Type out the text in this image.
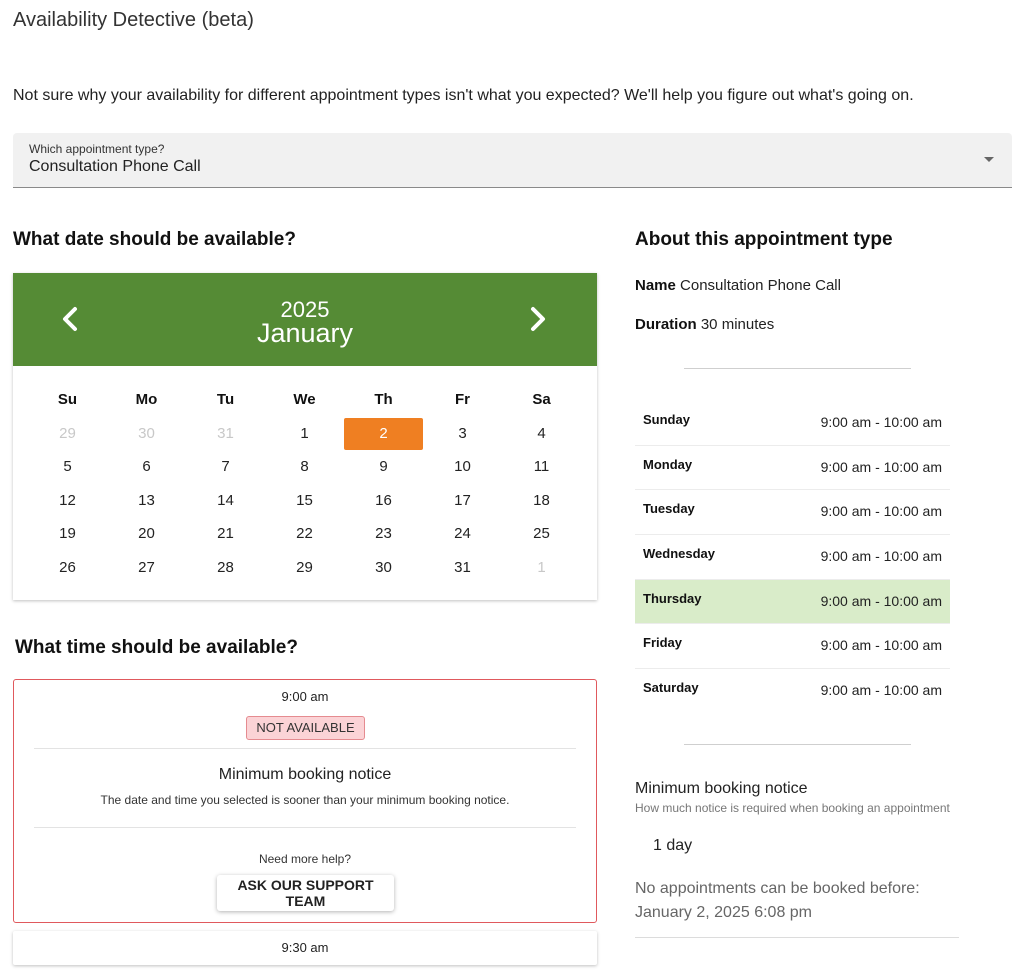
Availability Detective (beta)
Not sure why your availability for different appointment types isn't what you expected? We'll help you figure out what's going on.
Which appointment type?
Consultation Phone Call
What date should be available?
2025
January
Su	Mo	Tu	We	Th	Fr	Sa
29	30	31	1	2	3	4
5	6	7	8	9	10	11
12	13	14	15	16	17	18
19	20	21	22	23	24	25
26	27	28	29	30	31	1
What time should be available?
9:00 am
NOT AVAILABLE
Minimum booking notice
The date and time you selected is sooner than your minimum booking notice.
Need more help?
ASK OUR SUPPORT TEAM
9:30 am
About this appointment type
Name Consultation Phone Call
Duration 30 minutes
Sunday	9:00 am - 10:00 am
Monday	9:00 am - 10:00 am
Tuesday	9:00 am - 10:00 am
Wednesday	9:00 am - 10:00 am
Thursday	9:00 am - 10:00 am
Friday	9:00 am - 10:00 am
Saturday	9:00 am - 10:00 am
Minimum booking notice
How much notice is required when booking an appointment
1 day
No appointments can be booked before: January 2, 2025 6:08 pm
